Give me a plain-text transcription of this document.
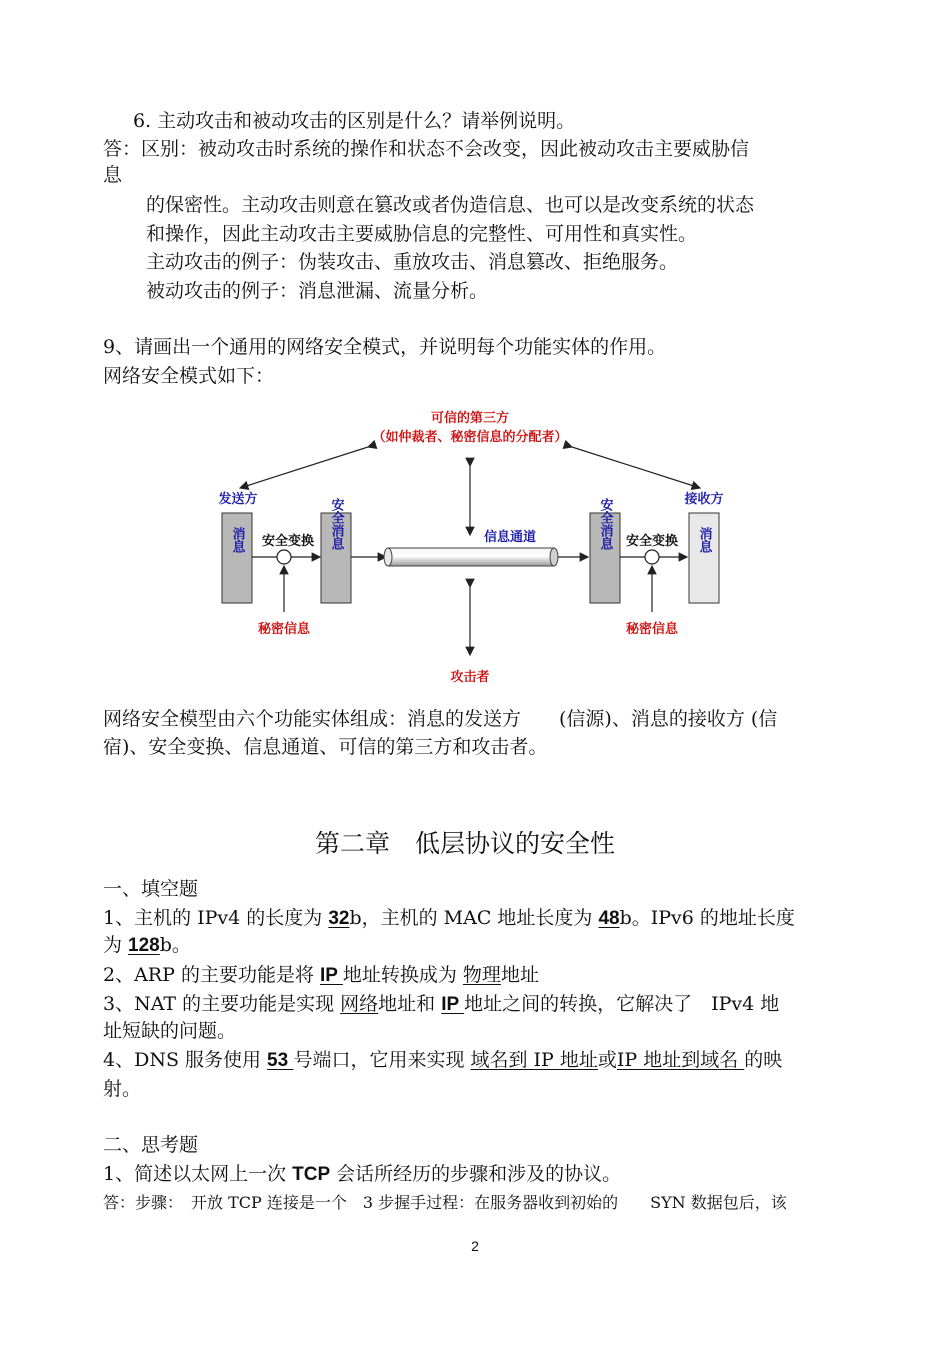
6. 主动攻击和被动攻击的区别是什么？请举例说明。
答：区别：被动攻击时系统的操作和状态不会改变，因此被动攻击主要威胁信
息
的保密性。主动攻击则意在篡改或者伪造信息、也可以是改变系统的状态
和操作，因此主动攻击主要威胁信息的完整性、可用性和真实性。
主动攻击的例子：伪装攻击、重放攻击、消息篡改、拒绝服务。
被动攻击的例子：消息泄漏、流量分析。
9、请画出一个通用的网络安全模式，并说明每个功能实体的作用。
网络安全模式如下：
可信的第三方
（如仲裁者、秘密信息的分配者）
发送方	接收方
消息 安全变换
秘密信息
安全消息	信息通道	安全消息 安全变换
秘密信息
消息
攻击者
网络安全模型由六个功能实体组成：消息的发送方　　(信源)、消息的接收方 (信
宿)、安全变换、信息通道、可信的第三方和攻击者。
第二章　低层协议的安全性
一、填空题
1、主机的 IPv4 的长度为 32b，主机的 MAC 地址长度为 48b。IPv6 的地址长度
为 128b。
2、ARP 的主要功能是将 IP 地址转换成为 物理地址
3、NAT 的主要功能是实现 网络地址和 IP 地址之间的转换，它解决了　IPv4 地
址短缺的问题。
4、DNS 服务使用 53 号端口，它用来实现 域名到 IP 地址或IP 地址到域名 的映
射。
二、思考题
1、简述以太网上一次 TCP 会话所经历的步骤和涉及的协议。
答：步骤：　开放 TCP 连接是一个　3 步握手过程：在服务器收到初始的　　SYN 数据包后，该
2
